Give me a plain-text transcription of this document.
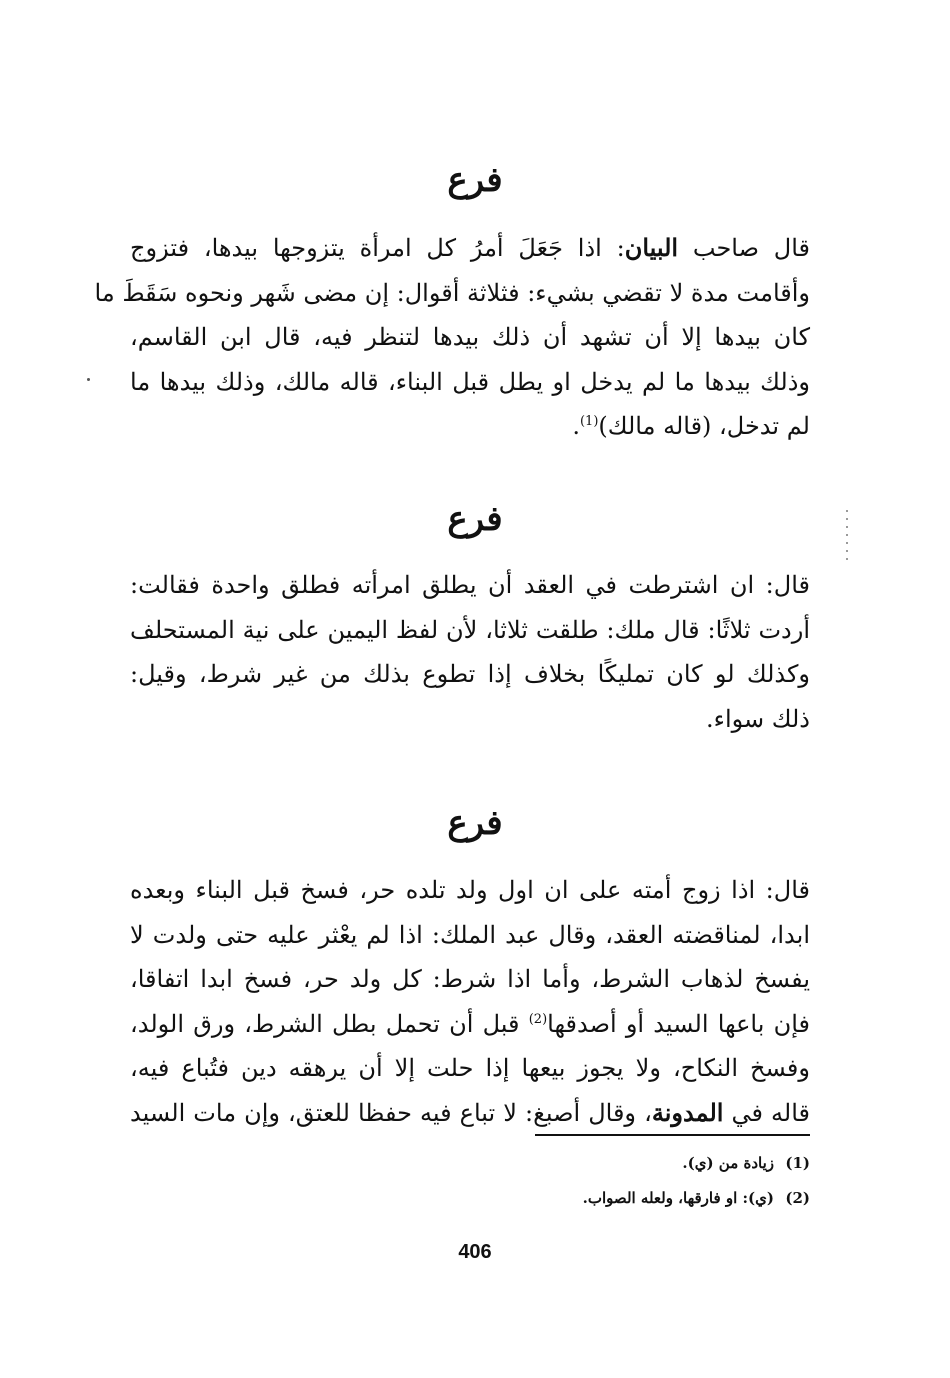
فرع
قال صاحب البيان: اذا جَعَلَ أمرُ كل امرأة يتزوجها بيدها، فتزوج
وأقامت مدة لا تقضي بشيء: فثلاثة أقوال: إن مضى شَهر ونحوه سَقَطَ ما
كان بيدها إلا أن تشهد أن ذلك بيدها لتنظر فيه، قال ابن القاسم،
وذلك بيدها ما لم يدخل او يطل قبل البناء، قاله مالك، وذلك بيدها ما
لم تدخل، (قاله مالك)$^{(1)}$.
فرع
قال: ان اشترطت في العقد أن يطلق امرأته فطلق واحدة فقالت:
أردت ثلاثًا: قال ملك: طلقت ثلاثا، لأن لفظ اليمين على نية المستحلف
وكذلك لو كان تمليكًا بخلاف إذا تطوع بذلك من غير شرط، وقيل:
ذلك سواء.
فرع
قال: اذا زوج أمته على ان اول ولد تلده حر، فسخ قبل البناء وبعده
ابدا، لمناقضته العقد، وقال عبد الملك: اذا لم يعْثر عليه حتى ولدت لا
يفسخ لذهاب الشرط، وأما اذا شرط: كل ولد حر، فسخ ابدا اتفاقا،
فإن باعها السيد أو أصدقها$^{(2)}$ قبل أن تحمل بطل الشرط، ورق الولد،
وفسخ النكاح، ولا يجوز بيعها إذا حلت إلا أن يرهقه دين فتُباع فيه،
قاله في المدونة، وقال أصبغ: لا تباع فيه حفظا للعتق، وإن مات السيد
(1)زيادة من (ي).
(2)(ي): او فارقها، ولعله الصواب.
406
